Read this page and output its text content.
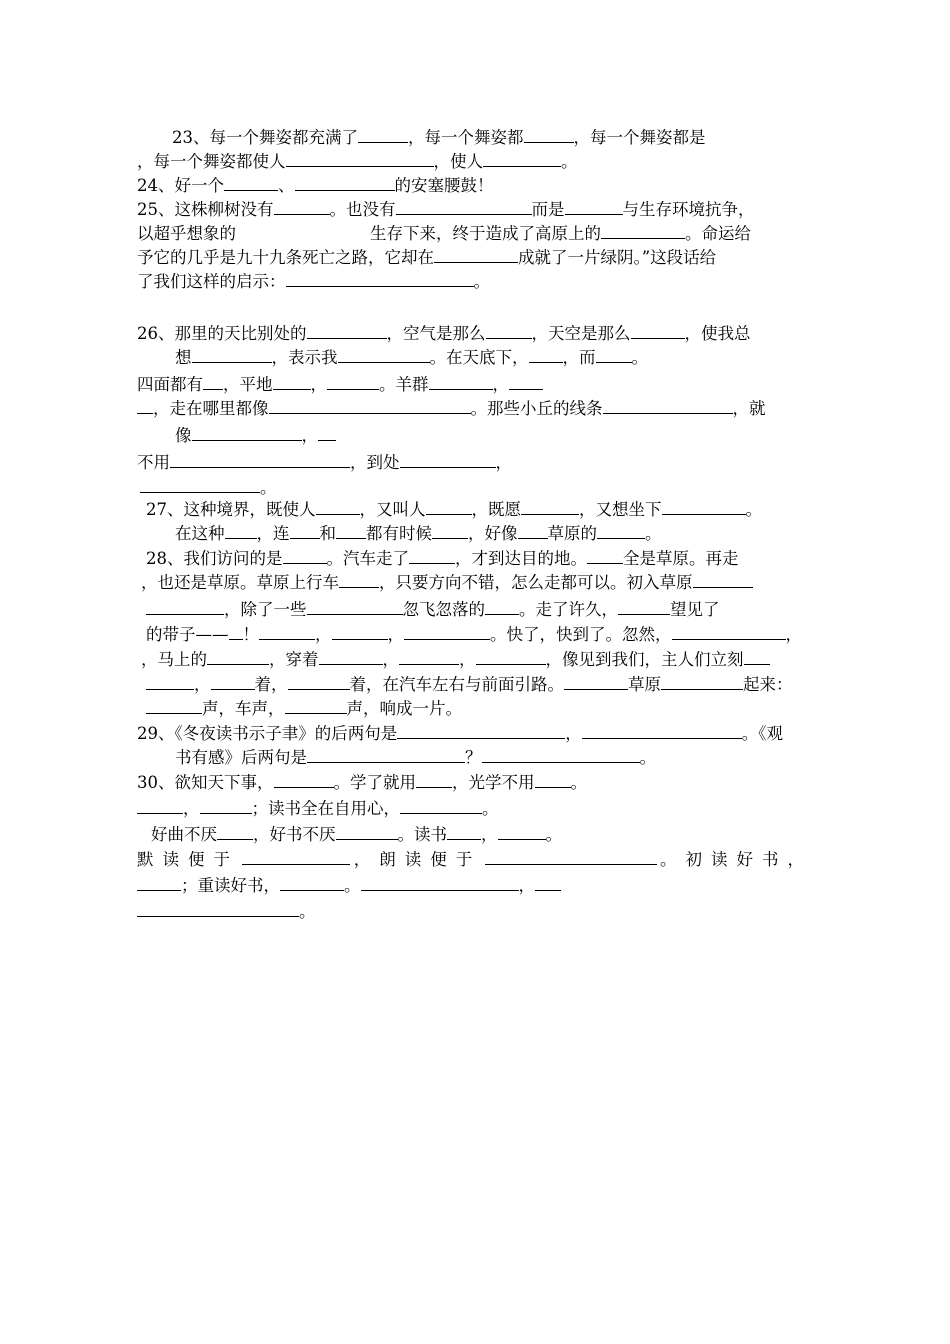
23、每一个舞姿都充满了	，每一个舞姿都	，每一个舞姿都是
，每一个舞姿都使人	，使人	。
24、好一个	、	的安塞腰鼓！
25、这株柳树没有	。也没有	而是	与生存环境抗争，
以超乎想象的	生存下来，终于造成了高原上的	。命运给
予它的几乎是九十九条死亡之路，它却在	成就了一片绿阴。”这段话给
了我们这样的启示：	。
26、那里的天比别处的	，空气是那么	，天空是那么	，使我总
想	，表示我	。在天底下， ，而 。
四面都有 ，平地 ，	。羊群	，
，走在哪里都像	。那些小丘的线条	，就
像	，
不用	，到处	，
。
27、这种境界，既使人	，又叫人	，既愿	，又想坐下	。
在这种 ，连 和 都有时候 ，好像 草原的	。
28、我们访问的是	。汽车走了	，才到达目的地。 全是草原。再走
，也还是草原。草原上行车 ，只要方向不错，怎么走都可以。初入草原
，除了一些	忽飞忽落的 。走了许久，	望见了
的带子—— ！	，	，	。快了，快到了。忽然，	，
，马上的	，穿着	，	，	，像见到我们，主人们立刻
，	着，	着，在汽车左右与前面引路。	草原	起来：
声，车声，	声，响成一片。
29、《冬夜读书示子聿》的后两句是	，	。《观
书有感》后两句是	？	。
30、欲知天下事，	。学了就用 ，光学不用 。
，	；读书全在自用心，	。
好曲不厌 ，好书不厌	。读书 ，	。
默读便于	，朗读便于	。初读好书，
；重读好书，	。	，
。
